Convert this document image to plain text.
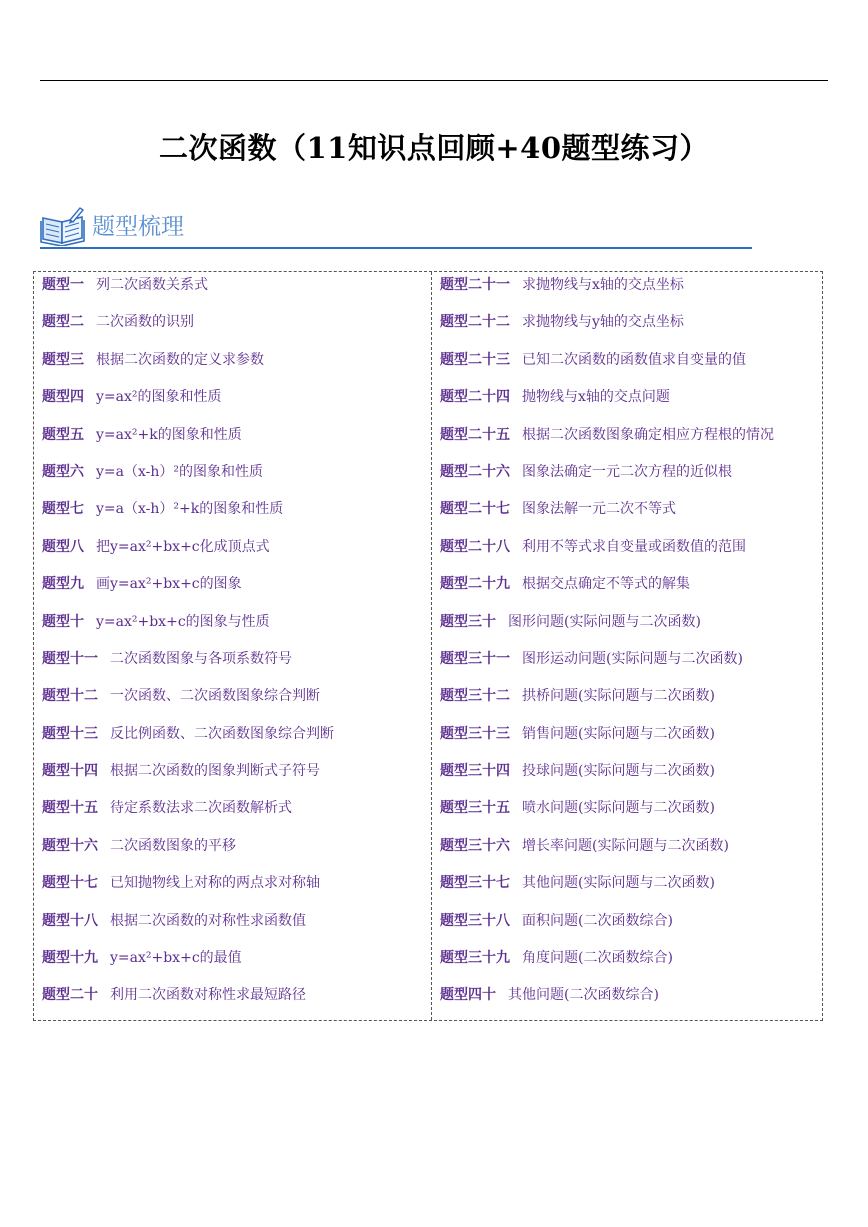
二次函数（11知识点回顾+40题型练习）
题型梳理
题型一 列二次函数关系式
题型二 二次函数的识别
题型三 根据二次函数的定义求参数
题型四 y=ax²的图象和性质
题型五 y=ax²+k的图象和性质
题型六 y=a（x-h）²的图象和性质
题型七 y=a（x-h）²+k的图象和性质
题型八 把y=ax²+bx+c化成顶点式
题型九 画y=ax²+bx+c的图象
题型十 y=ax²+bx+c的图象与性质
题型十一 二次函数图象与各项系数符号
题型十二 一次函数、二次函数图象综合判断
题型十三 反比例函数、二次函数图象综合判断
题型十四 根据二次函数的图象判断式子符号
题型十五 待定系数法求二次函数解析式
题型十六 二次函数图象的平移
题型十七 已知抛物线上对称的两点求对称轴
题型十八 根据二次函数的对称性求函数值
题型十九 y=ax²+bx+c的最值
题型二十 利用二次函数对称性求最短路径
题型二十一 求抛物线与x轴的交点坐标
题型二十二 求抛物线与y轴的交点坐标
题型二十三 已知二次函数的函数值求自变量的值
题型二十四 抛物线与x轴的交点问题
题型二十五 根据二次函数图象确定相应方程根的情况
题型二十六 图象法确定一元二次方程的近似根
题型二十七 图象法解一元二次不等式
题型二十八 利用不等式求自变量或函数值的范围
题型二十九 根据交点确定不等式的解集
题型三十 图形问题(实际问题与二次函数)
题型三十一 图形运动问题(实际问题与二次函数)
题型三十二 拱桥问题(实际问题与二次函数)
题型三十三 销售问题(实际问题与二次函数)
题型三十四 投球问题(实际问题与二次函数)
题型三十五 喷水问题(实际问题与二次函数)
题型三十六 增长率问题(实际问题与二次函数)
题型三十七 其他问题(实际问题与二次函数)
题型三十八 面积问题(二次函数综合)
题型三十九 角度问题(二次函数综合)
题型四十 其他问题(二次函数综合)
